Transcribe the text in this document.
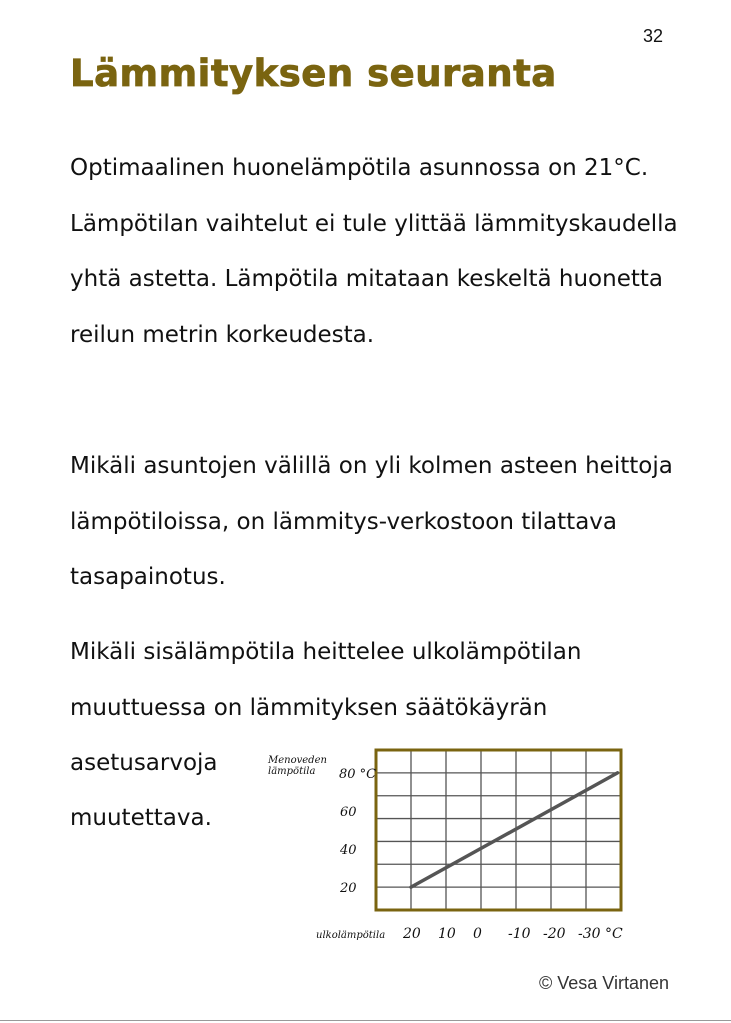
32
Lämmityksen seuranta

Optimaalinen huonelämpötila asunnossa on 21°C. Lämpötilan vaihtelut ei tule ylittää lämmityskaudella yhtä astetta. Lämpötila mitataan keskeltä huonetta reilun metrin korkeudesta.

Mikäli asuntojen välillä on yli kolmen asteen heittoja lämpötiloissa, on lämmitys-verkostoon tilattava tasapainotus.

Mikäli sisälämpötila heittelee ulkolämpötilan muuttuessa on lämmityksen säätökäyrän

asetusarvoja
muutettava.
Menoveden
lämpötila
ulkolämpötila
80 °C
60
40
20
20 10 0 -10 -20 -30 °C
© Vesa Virtanen
